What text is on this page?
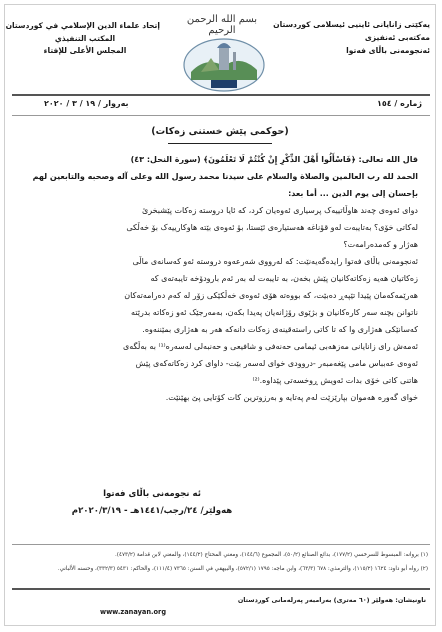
یەکێتی زانایانی ئاینیی ئیسلامی کوردستان
مەکتەبی ئەنفیزی
ئەنجومەنی باڵای فەتوا
بسم الله الرحمن الرحيم
إتحاد علماء الدين الإسلامي في كوردستان
المكتب التنفيذي
المجلس الأعلى للإفتاء
ژمارە / ١٥٤
بەروار / ١٩ / ٣ / ٢٠٢٠
(حوكمی پێش خستنی زەكات)
قال الله تعالى: ﴿فَاسْأَلُوا أَهْلَ الذِّكْرِ إِنْ كُنْتُمْ لَا تَعْلَمُونَ﴾ (سورة النحل: ٤٣)
الحمد لله رب العالمين والصلاة والسلام على سيدنا محمد رسول الله وعلى آله وصحبه والتابعين لهم
بإحسان إلى يوم الدين ... أما بعد:
دوای ئەوەی چەند هاوڵاتییەک پرسیاری ئەوەیان کرد، کە ئایا دروستە زەکات پێشبخرێ
لەکاتی خۆی؟ بەتایبەت لەو قۆناغە هەستیارەی ئێستا، بۆ ئەوەی بێتە هاوکارییەک بۆ خەڵکی
هەژار و کەمدەرامەت؟
ئەنجومەنی باڵای فەتوا رایدەگەیەنێت: کە لەرووی شەرعەوە دروستە ئەو کەسانەی ماڵی
زەکاتیان هەیە زەکاتەکانیان پێش بخەن، بە تایبەت لە بەر ئەم بارودۆخە تایبەتەی کە
هەرێمەکەمان پێیدا تێپەڕ دەبێت، کە بووەتە هۆی ئەوەی خەڵکێکی زۆر لە کەم دەرامەتەکان
ناتوانن بچنە سەر کارەکانیان و بژێوی رۆژانەیان پەیدا بکەن، بەمەرجێک ئەو زەکاتە بدرێتە
کەسانێکی هەژاری وا کە تا کاتی راستەقینەی زەکات دانەکە هەر بە هەژاری بمێننەوە.
ئەمەش رای زانایانی مەزهەبی ئیمامی حەنەفی و شافیعی و حەنبەلی لەسەرە⁽¹⁾ بە بەڵگەی
ئەوەی عەبباس مامی پێغەمبەر -دروودی خوای لەسەر بێت- داوای کرد زەکاتەکەی پێش
هاتنی کاتی خۆی بدات ئەویش ڕوخسەتی پێداوە.⁽²⁾
خوای گەورە هەموان بپارێزێت لەم پەتایە و بەرزوترین کات کۆتایی پێ بهێنێت.
ئە نجومەنی باڵای فەتوا
هەولێر/ ٢٤/رجب/١٤٤١هـ - ٢٠٢٠/٣/١٩م
(١) بروانە: المبسوط للسرخسي (١٧٧/٢)، بدائع الصنائع (٥٠/٢)، المجموع (١٤٤/٦)، ومغني المحتاج (١٤٤/٢)، والمغني لابن قدامة (٤٧٣/٢).
(٢) رواه أبو داود: ١٦٢٤ (١١٥/٢)، والترمذي: ٦٧٨ (٦٣/٣)، وابن ماجه: ١٧٩٥ (٥٧٢/١)، والبيهقي في السنن: ٧٣٦٥ (١١١/٤)، والحاكم: ٥٤٣١ (٣٣٢/٣)، وحسنه الألباني.
ناونیشان: هەولێر (٦٠ مەتری) بەرامبەر پەرلەمانی کوردستان
www.zanayan.org
